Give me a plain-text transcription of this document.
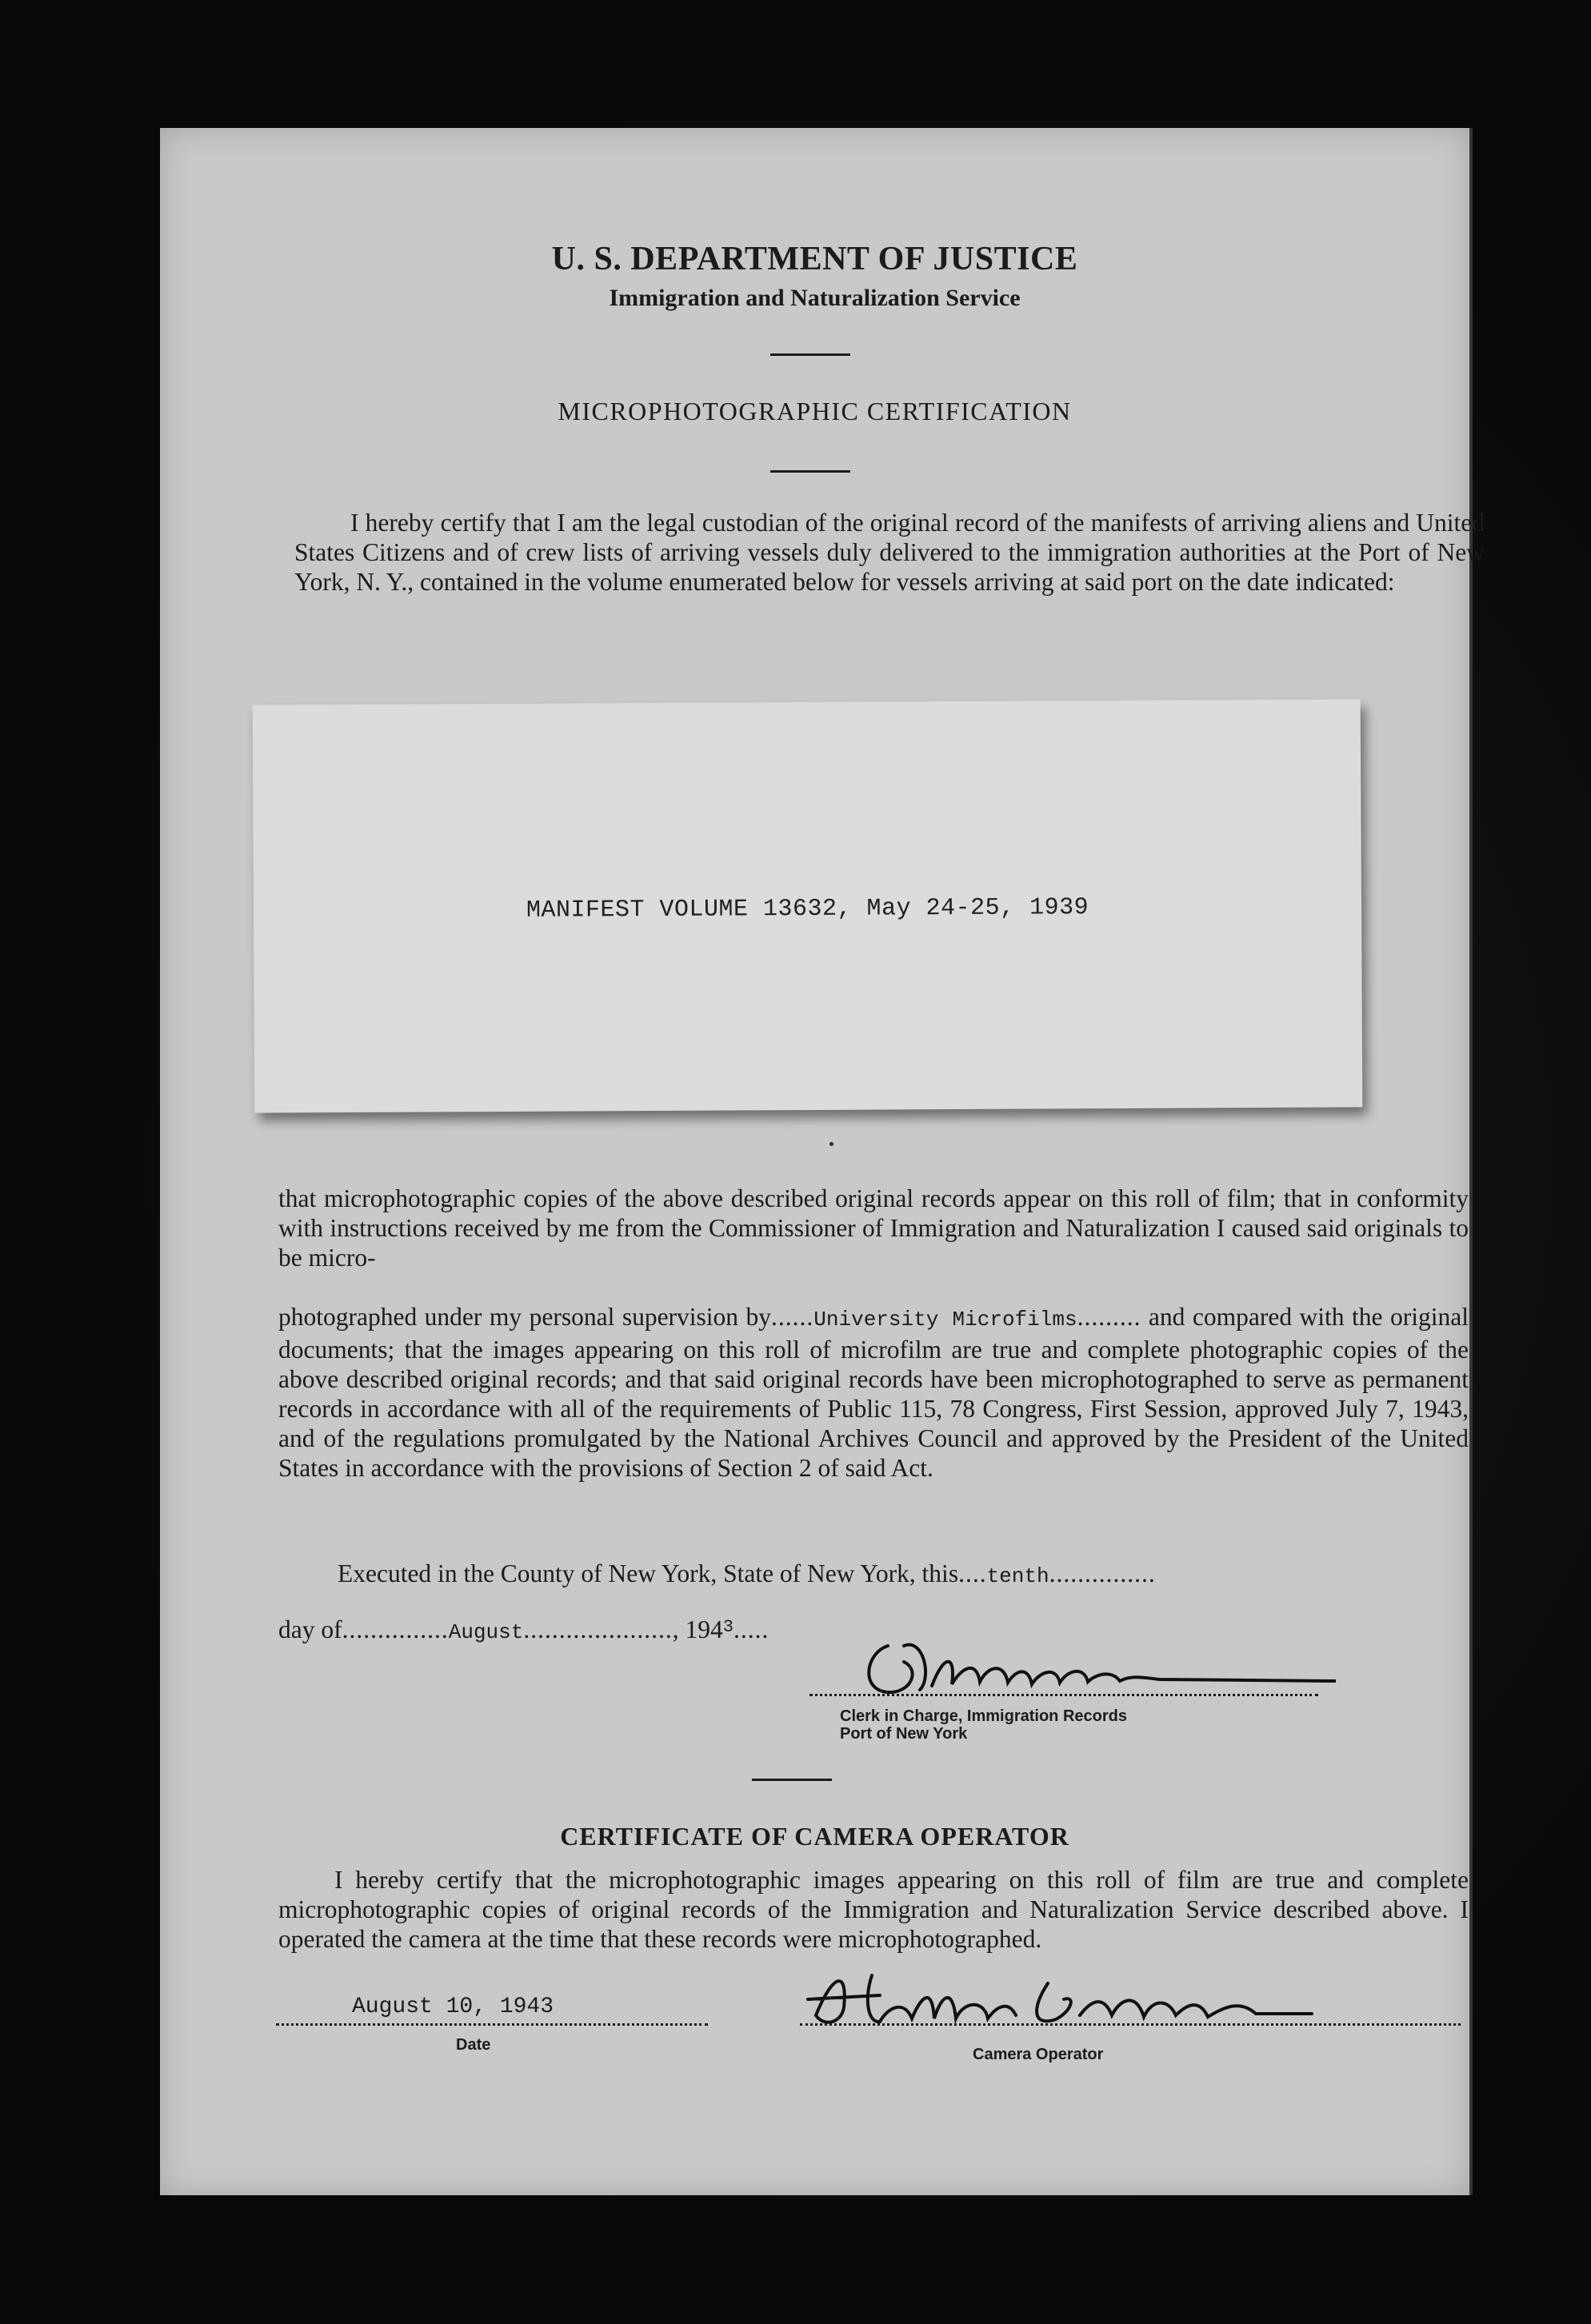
U. S. DEPARTMENT OF JUSTICE
Immigration and Naturalization Service
MICROPHOTOGRAPHIC CERTIFICATION

I hereby certify that I am the legal custodian of the original record of the manifests of arriving aliens and United States Citizens and of crew lists of arriving vessels duly delivered to the immigration authorities at the Port of New York, N. Y., contained in the volume enumerated below for vessels arriving at said port on the date indicated:

MANIFEST VOLUME 13632, May 24-25, 1939

that microphotographic copies of the above described original records appear on this roll of film; that in conformity with instructions received by me from the Commissioner of Immigration and Naturalization I caused said originals to be micro-

photographed under my personal supervision by......University Microfilms......... and compared with the original documents; that the images appearing on this roll of microfilm are true and complete photographic copies of the above described original records; and that said original records have been microphotographed to serve as permanent records in accordance with all of the requirements of Public 115, 78 Congress, First Session, approved July 7, 1943, and of the regulations promulgated by the National Archives Council and approved by the President of the United States in accordance with the provisions of Section 2 of said Act.

Executed in the County of New York, State of New York, this....tenth...............
day of...............August....................., $194^3$.....
Clerk in Charge, Immigration Records
Port of New York
CERTIFICATE OF CAMERA OPERATOR

I hereby certify that the microphotographic images appearing on this roll of film are true and complete microphotographic copies of original records of the Immigration and Naturalization Service described above. I operated the camera at the time that these records were microphotographed.

August 10, 1943
Date
Camera Operator
